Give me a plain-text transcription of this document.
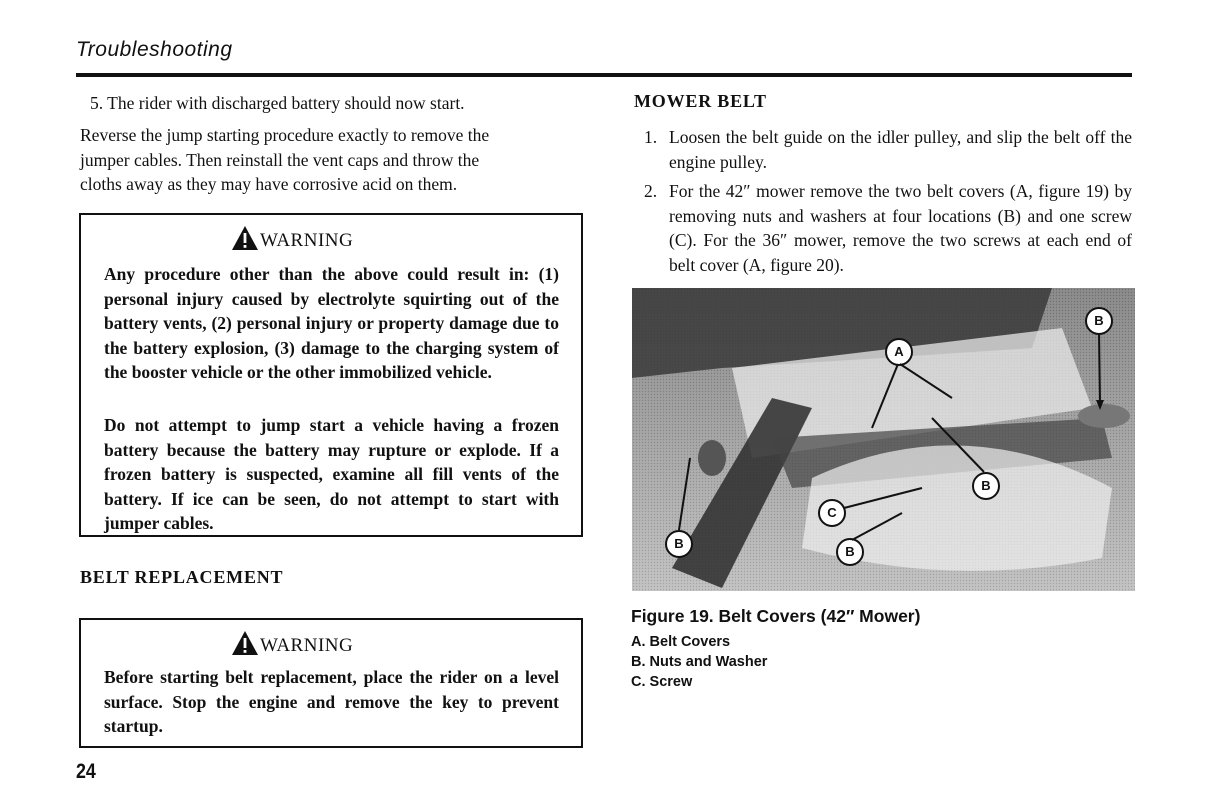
Troubleshooting
5. The rider with discharged battery should now start.
Reverse the jump starting procedure exactly to remove the
jumper cables. Then reinstall the vent caps and throw the
cloths away as they may have corrosive acid on them.
WARNING
Any procedure other than the above could result in: (1) personal injury caused by electrolyte squirting out of the battery vents, (2) personal injury or property damage due to the battery explosion, (3) damage to the charging system of the booster vehicle or the other immobilized vehicle.
Do not attempt to jump start a vehicle having a frozen battery because the battery may rupture or explode. If a frozen battery is suspected, examine all fill vents of the battery. If ice can be seen, do not attempt to start with jumper cables.
BELT REPLACEMENT
WARNING
Before starting belt replacement, place the rider on a level surface. Stop the engine and remove the key to prevent startup.
24
MOWER BELT
1. Loosen the belt guide on the idler pulley, and slip the belt off the engine pulley.
2. For the 42″ mower remove the two belt covers (A, figure 19) by removing nuts and washers at four locations (B) and one screw (C). For the 36″ mower, remove the two screws at each end of belt cover (A, figure 20).
A
B
B
C
B
B
Figure 19. Belt Covers (42″ Mower)
A. Belt Covers
B. Nuts and Washer
C. Screw
